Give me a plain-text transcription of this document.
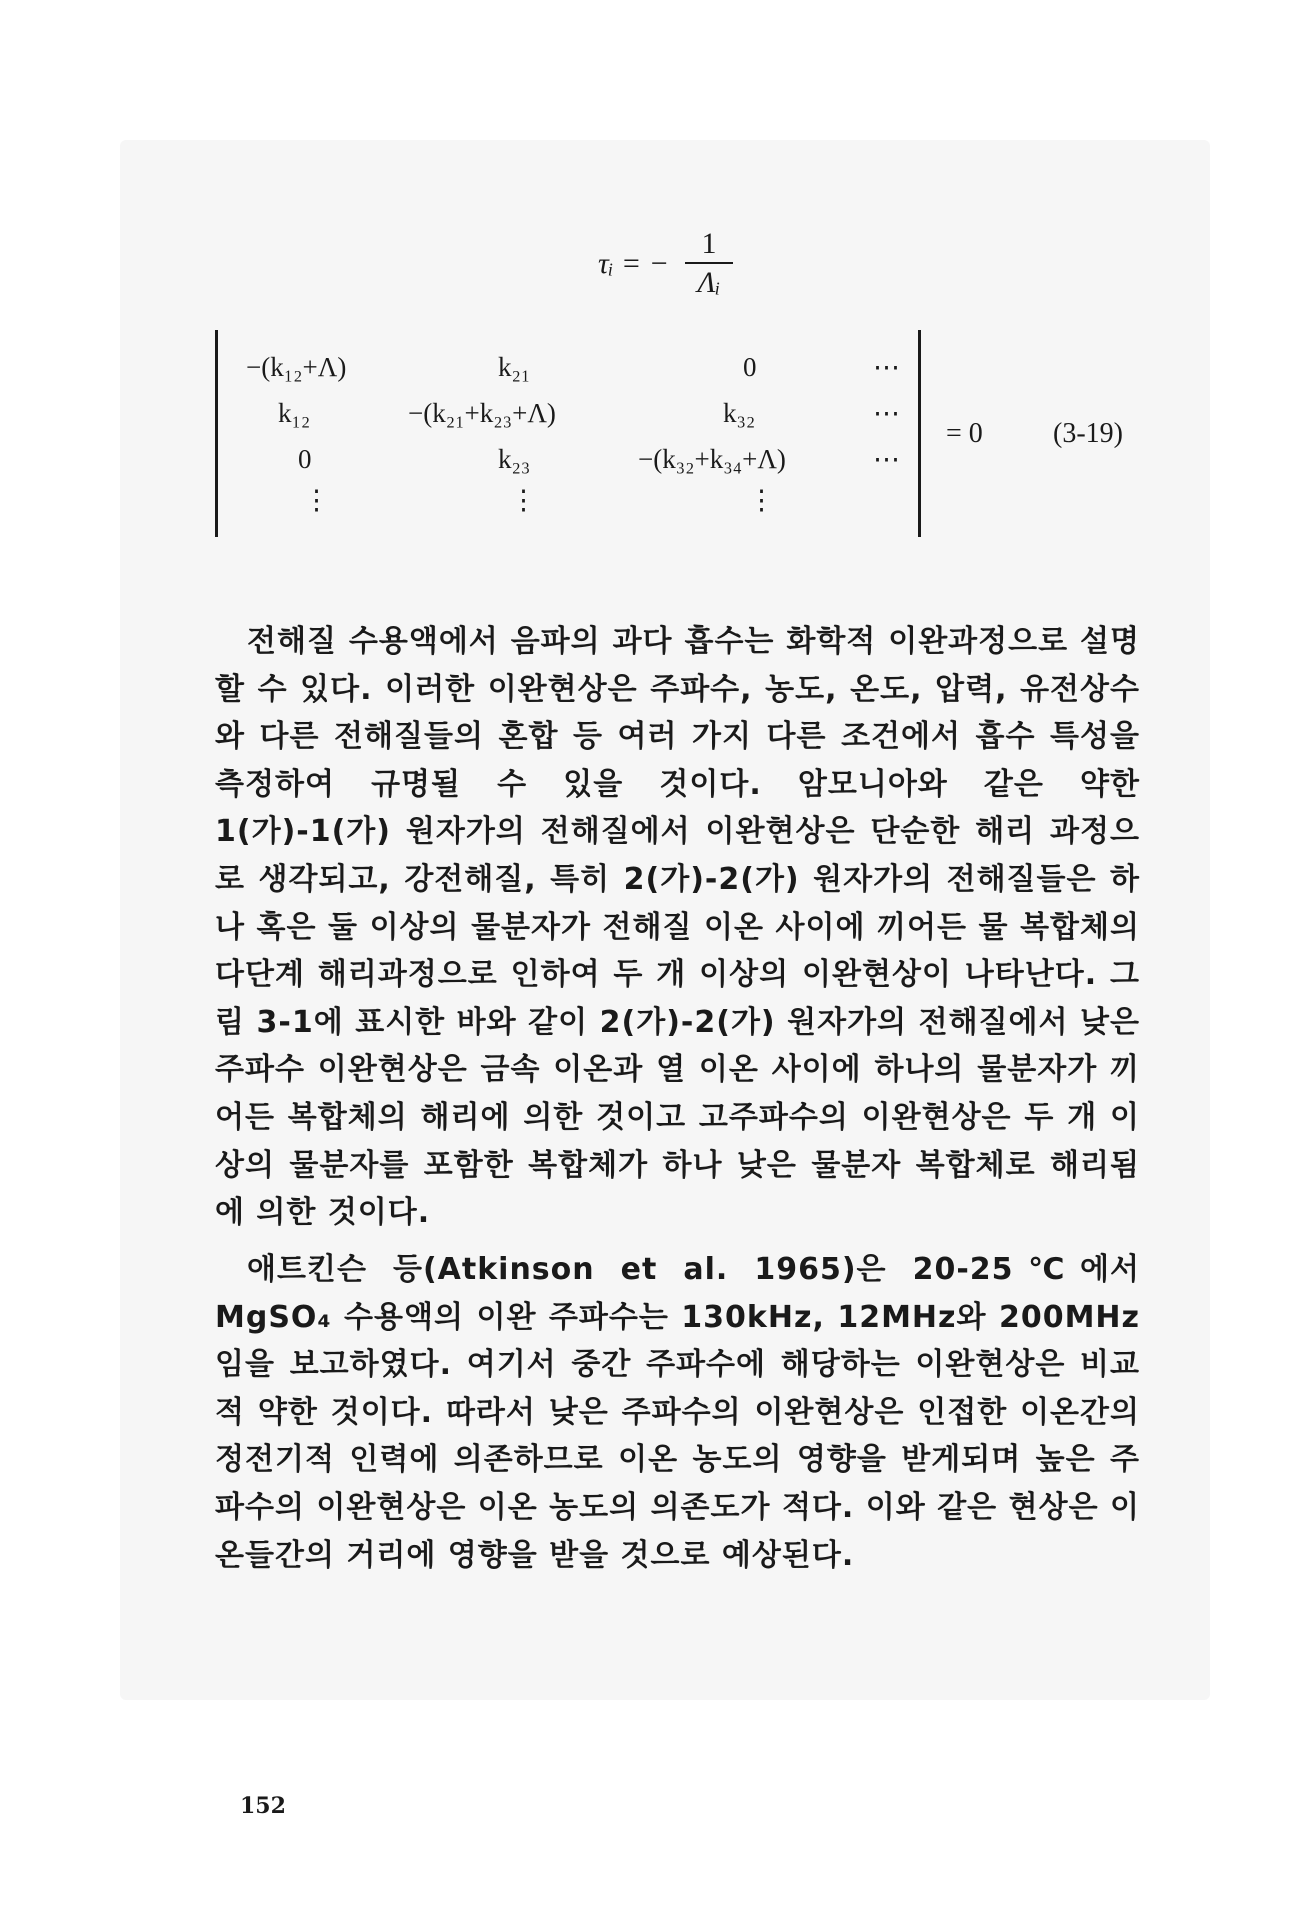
τᵢ = − $\frac{1}{\text{Λᵢ}}$
−(k₁₂+Λ)	k₂₁	0	⋯
k₁₂	−(k₂₁+k₂₃+Λ)	k₃₂	⋯
0	k₂₃	−(k₃₂+k₃₄+Λ)	⋯
⋮	⋮	⋮
= 0	(3-19)

전해질 수용액에서 음파의 과다 흡수는 화학적 이완과정으로 설명할 수 있다. 이러한 이완현상은 주파수, 농도, 온도, 압력, 유전상수와 다른 전해질들의 혼합 등 여러 가지 다른 조건에서 흡수 특성을 측정하여 규명될 수 있을 것이다. 암모니아와 같은 약한 1(가)-1(가) 원자가의 전해질에서 이완현상은 단순한 해리 과정으로 생각되고, 강전해질, 특히 2(가)-2(가) 원자가의 전해질들은 하나 혹은 둘 이상의 물분자가 전해질 이온 사이에 끼어든 물 복합체의 다단계 해리과정으로 인하여 두 개 이상의 이완현상이 나타난다. 그림 3-1에 표시한 바와 같이 2(가)-2(가) 원자가의 전해질에서 낮은 주파수 이완현상은 금속 이온과 열 이온 사이에 하나의 물분자가 끼어든 복합체의 해리에 의한 것이고 고주파수의 이완현상은 두 개 이상의 물분자를 포함한 복합체가 하나 낮은 물분자 복합체로 해리됨에 의한 것이다.

애트킨슨 등(Atkinson et al. 1965)은 20-25℃에서 MgSO₄ 수용액의 이완 주파수는 130kHz, 12MHz와 200MHz 임을 보고하였다. 여기서 중간 주파수에 해당하는 이완현상은 비교적 약한 것이다. 따라서 낮은 주파수의 이완현상은 인접한 이온간의 정전기적 인력에 의존하므로 이온 농도의 영향을 받게되며 높은 주파수의 이완현상은 이온 농도의 의존도가 적다. 이와 같은 현상은 이온들간의 거리에 영향을 받을 것으로 예상된다.

152
